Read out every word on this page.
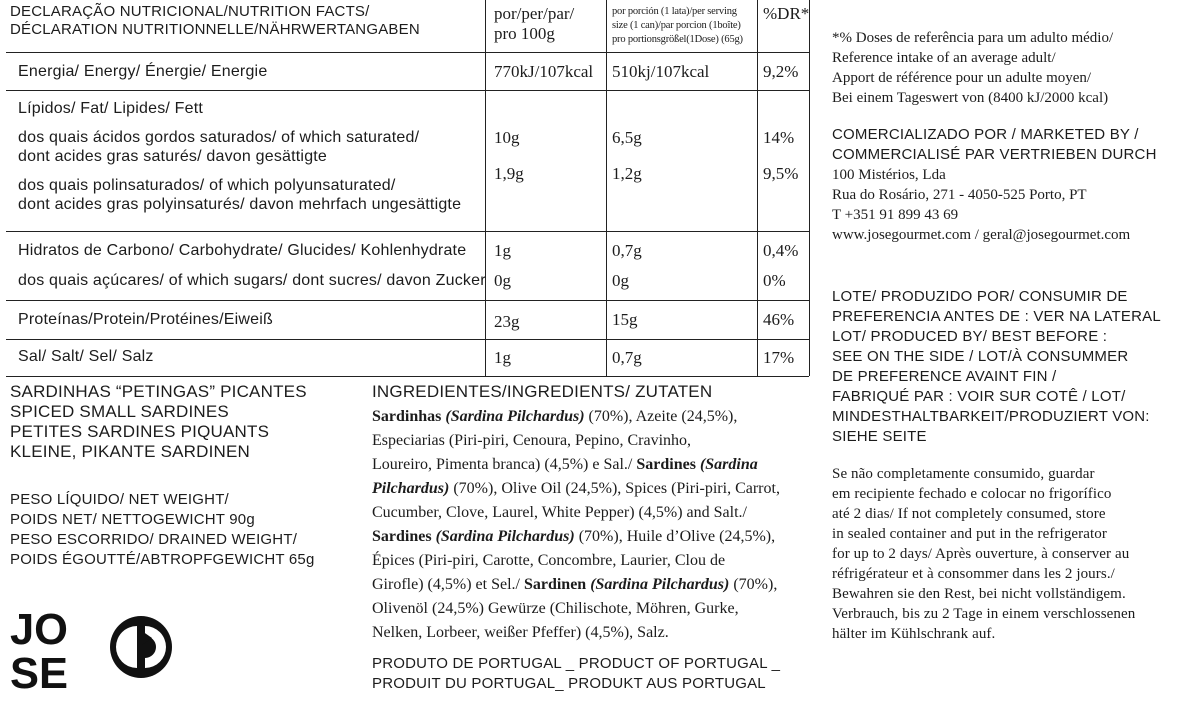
DECLARAÇÃO NUTRICIONAL/NUTRITION FACTS/
DÉCLARATION NUTRITIONNELLE/NÄHRWERTANGABEN
por/per/par/
pro 100g
por porción (1 lata)/per serving
size (1 can)/par porcion (1boîte)
pro portionsgrößel(1Dose) (65g)
%DR*
Energia/ Energy/ Énergie/ Energie	770kJ/107kcal 510kj/107kcal	9,2%
Lípidos/ Fat/ Lipides/ Fett
dos quais ácidos gordos saturados/ of which saturated/
dont acides gras saturés/ davon gesättigte
10g	6,5g	14%
dos quais polinsaturados/ of which polyunsaturated/
dont acides gras polyinsaturés/ davon mehrfach ungesättigte
1,9g	1,2g	9,5%
Hidratos de Carbono/ Carbohydrate/ Glucides/ Kohlenhydrate 1g	0,7g	0,4%
dos quais açúcares/ of which sugars/ dont sucres/ davon Zucker 0g	0g	0%
Proteínas/Protein/Protéines/Eiweiß	23g	15g	46%
Sal/ Salt/ Sel/ Salz	1g	0,7g	17%
SARDINHAS “PETINGAS” PICANTES
SPICED SMALL SARDINES
PETITES SARDINES PIQUANTS
KLEINE, PIKANTE SARDINEN
PESO LÍQUIDO/ NET WEIGHT/
POIDS NET/ NETTOGEWICHT 90g
PESO ESCORRIDO/ DRAINED WEIGHT/
POIDS ÉGOUTTÉ/ABTROPFGEWICHT 65g
JO
SE
INGREDIENTES/INGREDIENTS/ ZUTATEN
Sardinhas (Sardina Pilchardus) (70%), Azeite (24,5%),
Especiarias (Piri-piri, Cenoura, Pepino, Cravinho,
Loureiro, Pimenta branca) (4,5%) e Sal./ Sardines (Sardina
Pilchardus) (70%), Olive Oil (24,5%), Spices (Piri-piri, Carrot,
Cucumber, Clove, Laurel, White Pepper) (4,5%) and Salt./
Sardines (Sardina Pilchardus) (70%), Huile d’Olive (24,5%),
Épices (Piri-piri, Carotte, Concombre, Laurier, Clou de
Girofle) (4,5%) et Sel./ Sardinen (Sardina Pilchardus) (70%),
Olivenöl (24,5%) Gewürze (Chilischote, Möhren, Gurke,
Nelken, Lorbeer, weißer Pfeffer) (4,5%), Salz.
PRODUTO DE PORTUGAL _ PRODUCT OF PORTUGAL _
PRODUIT DU PORTUGAL_ PRODUKT AUS PORTUGAL
*% Doses de referência para um adulto médio/
Reference intake of an average adult/
Apport de référence pour un adulte moyen/
Bei einem Tageswert von (8400 kJ/2000 kcal)
COMERCIALIZADO POR / MARKETED BY /
COMMERCIALISÉ PAR VERTRIEBEN DURCH
100 Mistérios, Lda
Rua do Rosário, 271 - 4050-525 Porto, PT
T +351 91 899 43 69
www.josegourmet.com / geral@josegourmet.com
LOTE/ PRODUZIDO POR/ CONSUMIR DE
PREFERENCIA ANTES DE : VER NA LATERAL
LOT/ PRODUCED BY/ BEST BEFORE :
SEE ON THE SIDE / LOT/À CONSUMMER
DE PREFERENCE AVAINT FIN /
FABRIQUÉ PAR : VOIR SUR COTÊ / LOT/
MINDESTHALTBARKEIT/PRODUZIERT VON:
SIEHE SEITE
Se não completamente consumido, guardar
em recipiente fechado e colocar no frigorífico
até 2 dias/ If not completely consumed, store
in sealed container and put in the refrigerator
for up to 2 days/ Après ouverture, à conserver au
réfrigérateur et à consommer dans les 2 jours./
Bewahren sie den Rest, bei nicht vollständigem.
Verbrauch, bis zu 2 Tage in einem verschlossenen
hälter im Kühlschrank auf.
